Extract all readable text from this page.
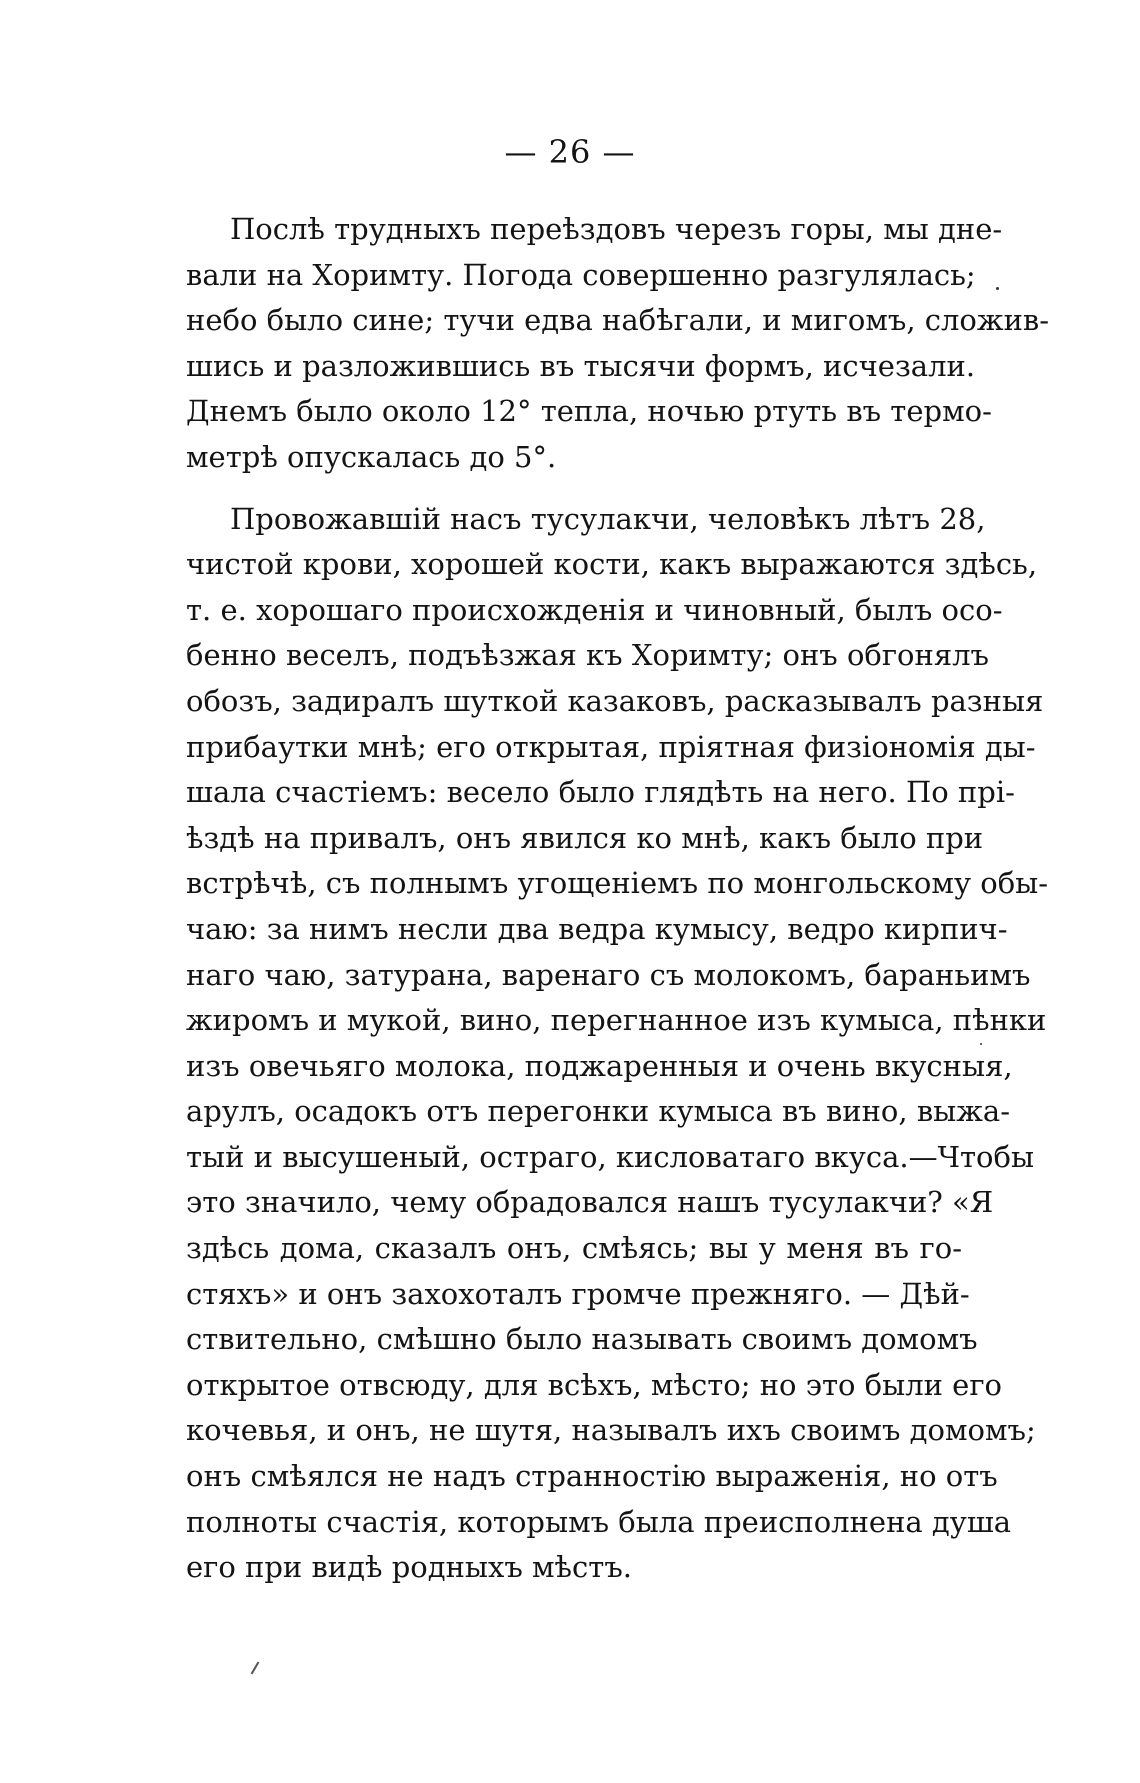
— 26 —

Послѣ трудныхъ переѣздовъ черезъ горы, мы дне-
вали на Хоримту. Погода совершенно разгулялась;
небо было сине; тучи едва набѣгали, и мигомъ, сложив-
шись и разложившись въ тысячи формъ, исчезали.
Днемъ было около 12° тепла, ночью ртуть въ термо-
метрѣ опускалась до 5°.

Провожавшій насъ тусулакчи, человѣкъ лѣтъ 28,
чистой крови, хорошей кости, какъ выражаются здѣсь,
т. е. хорошаго происхожденія и чиновный, былъ осо-
бенно веселъ, подъѣзжая къ Хоримту; онъ обгонялъ
обозъ, задиралъ шуткой казаковъ, расказывалъ разныя
прибаутки мнѣ; его открытая, пріятная физіономія ды-
шала счастіемъ: весело было глядѣть на него. По прі-
ѣздѣ на привалъ, онъ явился ко мнѣ, какъ было при
встрѣчѣ, съ полнымъ угощеніемъ по монгольскому обы-
чаю: за нимъ несли два ведра кумысу, ведро кирпич-
наго чаю, затурана, варенаго съ молокомъ, бараньимъ
жиромъ и мукой, вино, перегнанное изъ кумыса, пѣнки
изъ овечьяго молока, поджаренныя и очень вкусныя,
арулъ, осадокъ отъ перегонки кумыса въ вино, выжа-
тый и высушеный, остраго, кисловатаго вкуса.—Чтобы
это значило, чему обрадовался нашъ тусулакчи? «Я
здѣсь дома, сказалъ онъ, смѣясь; вы у меня въ го-
стяхъ» и онъ захохоталъ громче прежняго. — Дѣй-
ствительно, смѣшно было называть своимъ домомъ
открытое отвсюду, для всѣхъ, мѣсто; но это были его
кочевья, и онъ, не шутя, называлъ ихъ своимъ домомъ;
онъ смѣялся не надъ странностію выраженія, но отъ
полноты счастія, которымъ была преисполнена душа
его при видѣ родныхъ мѣстъ.
